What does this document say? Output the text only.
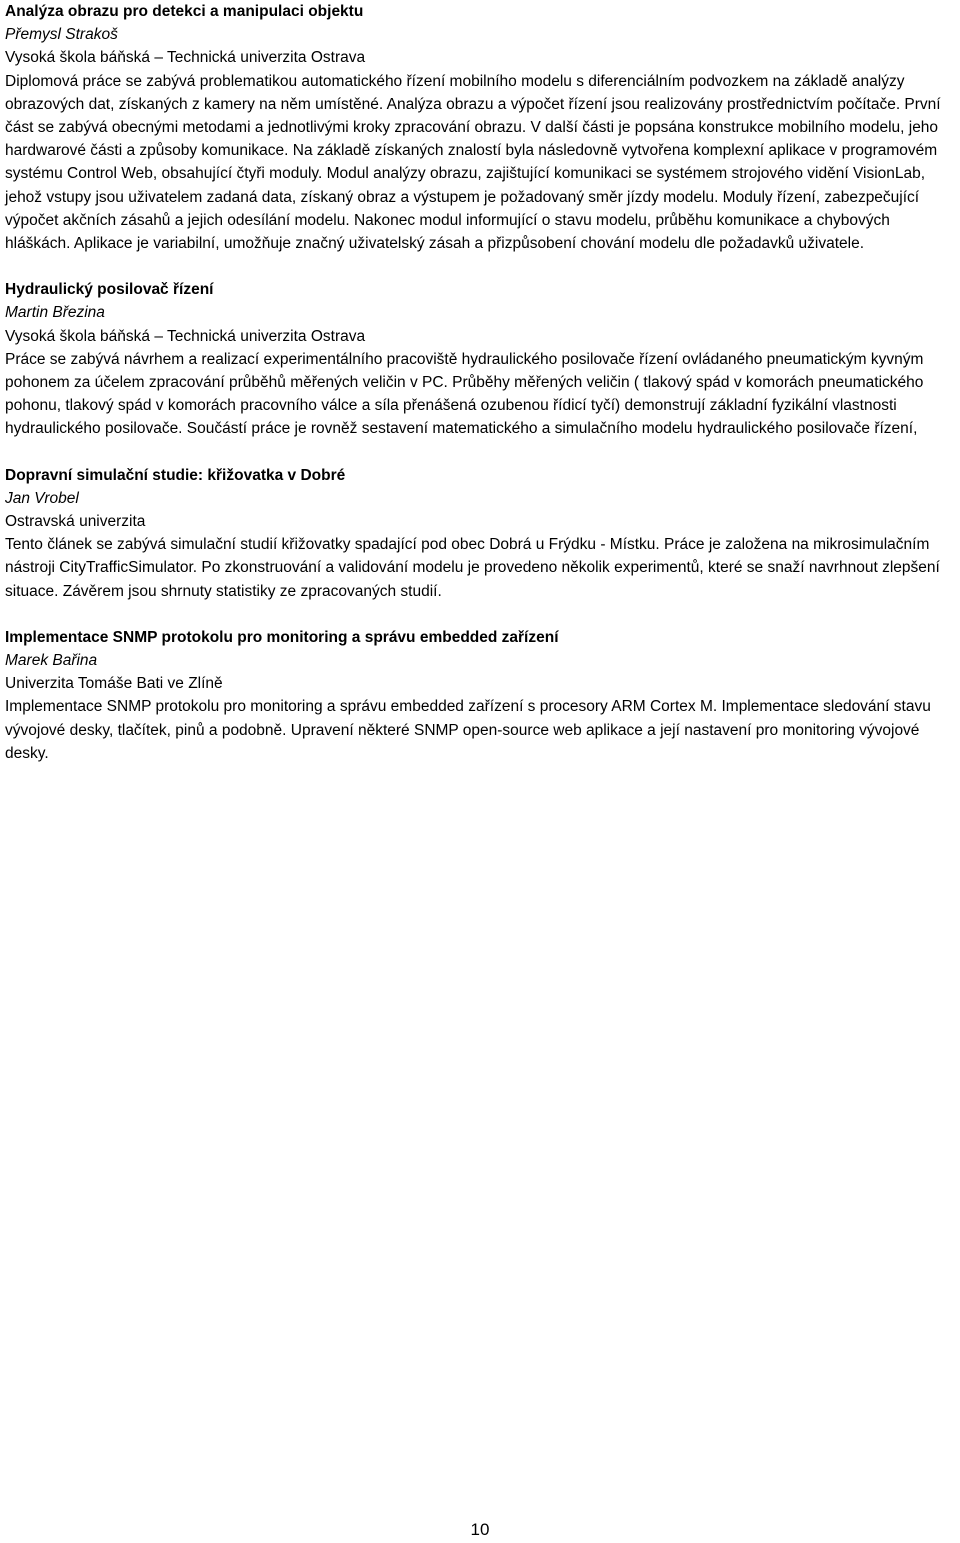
Analýza obrazu pro detekci a manipulaci objektu

Přemysl Strakoš

Vysoká škola báňská – Technická univerzita Ostrava

Diplomová práce se zabývá problematikou automatického řízení mobilního modelu s diferenciálním podvozkem na základě analýzy obrazových dat, získaných z kamery na něm umístěné. Analýza obrazu a výpočet řízení jsou realizovány prostřednictvím počítače. První část se zabývá obecnými metodami a jednotlivými kroky zpracování obrazu. V další části je popsána konstrukce mobilního modelu, jeho hardwarové části a způsoby komunikace. Na základě získaných znalostí byla následovně vytvořena komplexní aplikace v programovém systému Control Web, obsahující čtyři moduly. Modul analýzy obrazu, zajištující komunikaci se systémem strojového vidění VisionLab, jehož vstupy jsou uživatelem zadaná data, získaný obraz a výstupem je požadovaný směr jízdy modelu. Moduly řízení, zabezpečující výpočet akčních zásahů a jejich odesílání modelu. Nakonec modul informující o stavu modelu, průběhu komunikace a chybových hláškách. Aplikace je variabilní, umožňuje značný uživatelský zásah a přizpůsobení chování modelu dle požadavků uživatele.

Hydraulický posilovač řízení

Martin Březina

Vysoká škola báňská – Technická univerzita Ostrava

Práce se zabývá návrhem a realizací experimentálního pracoviště hydraulického posilovače řízení ovládaného pneumatickým kyvným pohonem za účelem zpracování průběhů měřených veličin v PC. Průběhy měřených veličin ( tlakový spád v komorách pneumatického pohonu, tlakový spád v komorách pracovního válce a síla přenášená ozubenou řídicí tyčí) demonstrují základní fyzikální vlastnosti hydraulického posilovače. Součástí práce je rovněž sestavení matematického a simulačního modelu hydraulického posilovače řízení,

Dopravní simulační studie: křižovatka v Dobré

Jan Vrobel

Ostravská univerzita

Tento článek se zabývá simulační studií křižovatky spadající pod obec Dobrá u Frýdku - Místku. Práce je založena na mikrosimulačním nástroji CityTrafficSimulator. Po zkonstruování a validování modelu je provedeno několik experimentů, které se snaží navrhnout zlepšení situace. Závěrem jsou shrnuty statistiky ze zpracovaných studií.

Implementace SNMP protokolu pro monitoring a správu embedded zařízení

Marek Bařina

Univerzita Tomáše Bati ve Zlíně

Implementace SNMP protokolu pro monitoring a správu embedded zařízení s procesory ARM Cortex M. Implementace sledování stavu vývojové desky, tlačítek, pinů a podobně. Upravení některé SNMP open-source web aplikace a její nastavení pro monitoring vývojové desky.

10
